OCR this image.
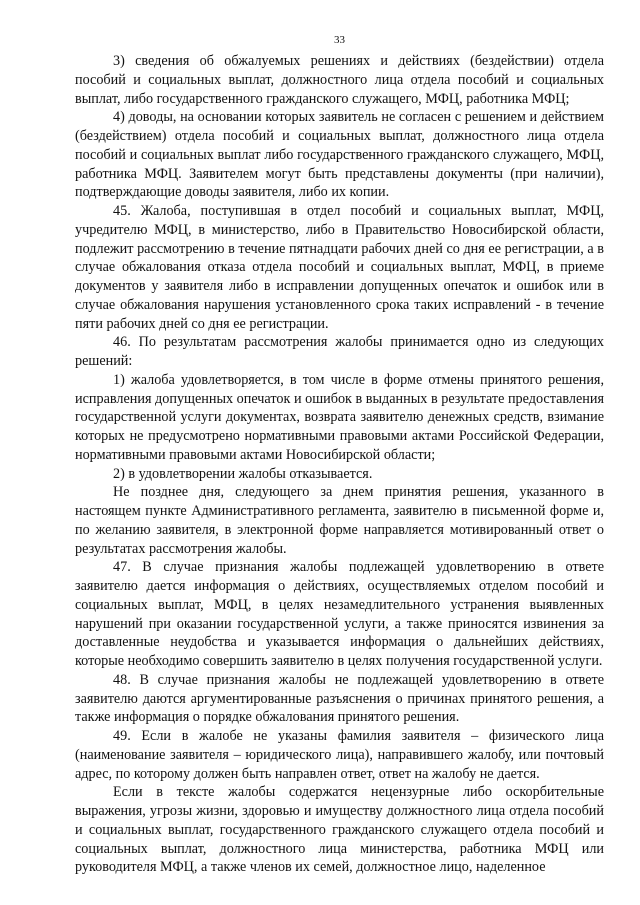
33

3) сведения об обжалуемых решениях и действиях (бездействии) отдела пособий и социальных выплат, должностного лица отдела пособий и социальных выплат, либо государственного гражданского служащего, МФЦ, работника МФЦ;

4) доводы, на основании которых заявитель не согласен с решением и действием (бездействием) отдела пособий и социальных выплат, должностного лица отдела пособий и социальных выплат либо государственного гражданского служащего, МФЦ, работника МФЦ. Заявителем могут быть представлены документы (при наличии), подтверждающие доводы заявителя, либо их копии.

45. Жалоба, поступившая в отдел пособий и социальных выплат, МФЦ, учредителю МФЦ, в министерство, либо в Правительство Новосибирской области, подлежит рассмотрению в течение пятнадцати рабочих дней со дня ее регистрации, а в случае обжалования отказа отдела пособий и социальных выплат, МФЦ, в приеме документов у заявителя либо в исправлении допущенных опечаток и ошибок или в случае обжалования нарушения установленного срока таких исправлений - в течение пяти рабочих дней со дня ее регистрации.

46. По результатам рассмотрения жалобы принимается одно из следующих решений:

1) жалоба удовлетворяется, в том числе в форме отмены принятого решения, исправления допущенных опечаток и ошибок в выданных в результате предоставления государственной услуги документах, возврата заявителю денежных средств, взимание которых не предусмотрено нормативными правовыми актами Российской Федерации, нормативными правовыми актами Новосибирской области;

2) в удовлетворении жалобы отказывается.

Не позднее дня, следующего за днем принятия решения, указанного в настоящем пункте Административного регламента, заявителю в письменной форме и, по желанию заявителя, в электронной форме направляется мотивированный ответ о результатах рассмотрения жалобы.

47. В случае признания жалобы подлежащей удовлетворению в ответе заявителю дается информация о действиях, осуществляемых отделом пособий и социальных выплат, МФЦ, в целях незамедлительного устранения выявленных нарушений при оказании государственной услуги, а также приносятся извинения за доставленные неудобства и указывается информация о дальнейших действиях, которые необходимо совершить заявителю в целях получения государственной услуги.

48. В случае признания жалобы не подлежащей удовлетворению в ответе заявителю даются аргументированные разъяснения о причинах принятого решения, а также информация о порядке обжалования принятого решения.

49. Если в жалобе не указаны фамилия заявителя – физического лица (наименование заявителя – юридического лица), направившего жалобу, или почтовый адрес, по которому должен быть направлен ответ, ответ на жалобу не дается.

Если в тексте жалобы содержатся нецензурные либо оскорбительные выражения, угрозы жизни, здоровью и имуществу должностного лица отдела пособий и социальных выплат, государственного гражданского служащего отдела пособий и социальных выплат, должностного лица министерства, работника МФЦ или руководителя МФЦ, а также членов их семей, должностное лицо, наделенное
